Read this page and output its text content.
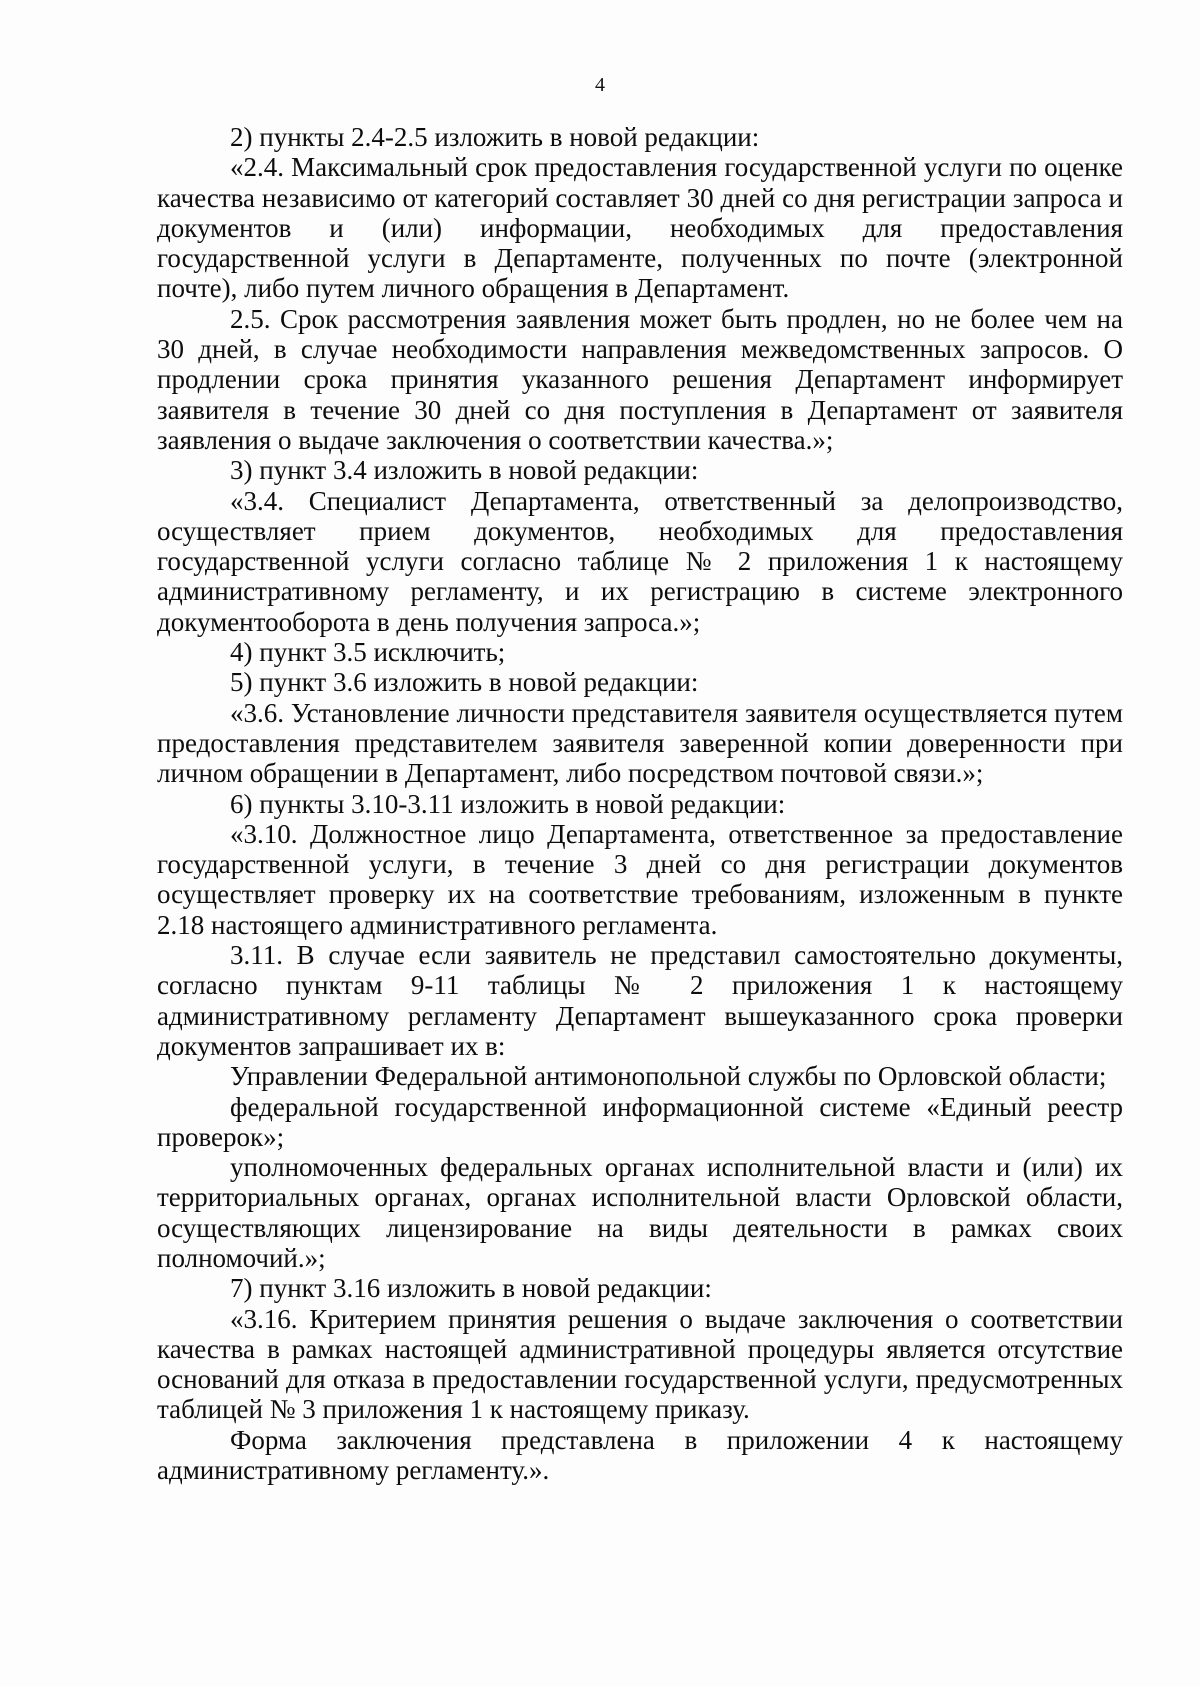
4

2) пункты 2.4-2.5 изложить в новой редакции:

«2.4. Максимальный срок предоставления государственной услуги по оценке качества независимо от категорий составляет 30 дней со дня регистрации запроса и документов и (или) информации, необходимых для предоставления государственной услуги в Департаменте, полученных по почте (электронной почте), либо путем личного обращения в Департамент.

2.5. Срок рассмотрения заявления может быть продлен, но не более чем на 30 дней, в случае необходимости направления межведомственных запросов. О продлении срока принятия указанного решения Департамент информирует заявителя в течение 30 дней со дня поступления в Департамент от заявителя заявления о выдаче заключения о соответствии качества.»;

3) пункт 3.4 изложить в новой редакции:

«3.4. Специалист Департамента, ответственный за делопроизводство, осуществляет прием документов, необходимых для предоставления государственной услуги согласно таблице № 2 приложения 1 к настоящему административному регламенту, и их регистрацию в системе электронного документооборота в день получения запроса.»;

4) пункт 3.5 исключить;

5) пункт 3.6 изложить в новой редакции:

«3.6. Установление личности представителя заявителя осуществляется путем предоставления представителем заявителя заверенной копии доверенности при личном обращении в Департамент, либо посредством почтовой связи.»;

6) пункты 3.10-3.11 изложить в новой редакции:

«3.10. Должностное лицо Департамента, ответственное за предоставление государственной услуги, в течение 3 дней со дня регистрации документов осуществляет проверку их на соответствие требованиям, изложенным в пункте 2.18 настоящего административного регламента.

3.11. В случае если заявитель не представил самостоятельно документы, согласно пунктам 9-11 таблицы № 2 приложения 1 к настоящему административному регламенту Департамент вышеуказанного срока проверки документов запрашивает их в:

Управлении Федеральной антимонопольной службы по Орловской области;

федеральной государственной информационной системе «Единый реестр проверок»;

уполномоченных федеральных органах исполнительной власти и (или) их территориальных органах, органах исполнительной власти Орловской области, осуществляющих лицензирование на виды деятельности в рамках своих полномочий.»;

7) пункт 3.16 изложить в новой редакции:

«3.16. Критерием принятия решения о выдаче заключения о соответствии качества в рамках настоящей административной процедуры является отсутствие оснований для отказа в предоставлении государственной услуги, предусмотренных таблицей № 3 приложения 1 к настоящему приказу.

Форма заключения представлена в приложении 4 к настоящему административному регламенту.».
